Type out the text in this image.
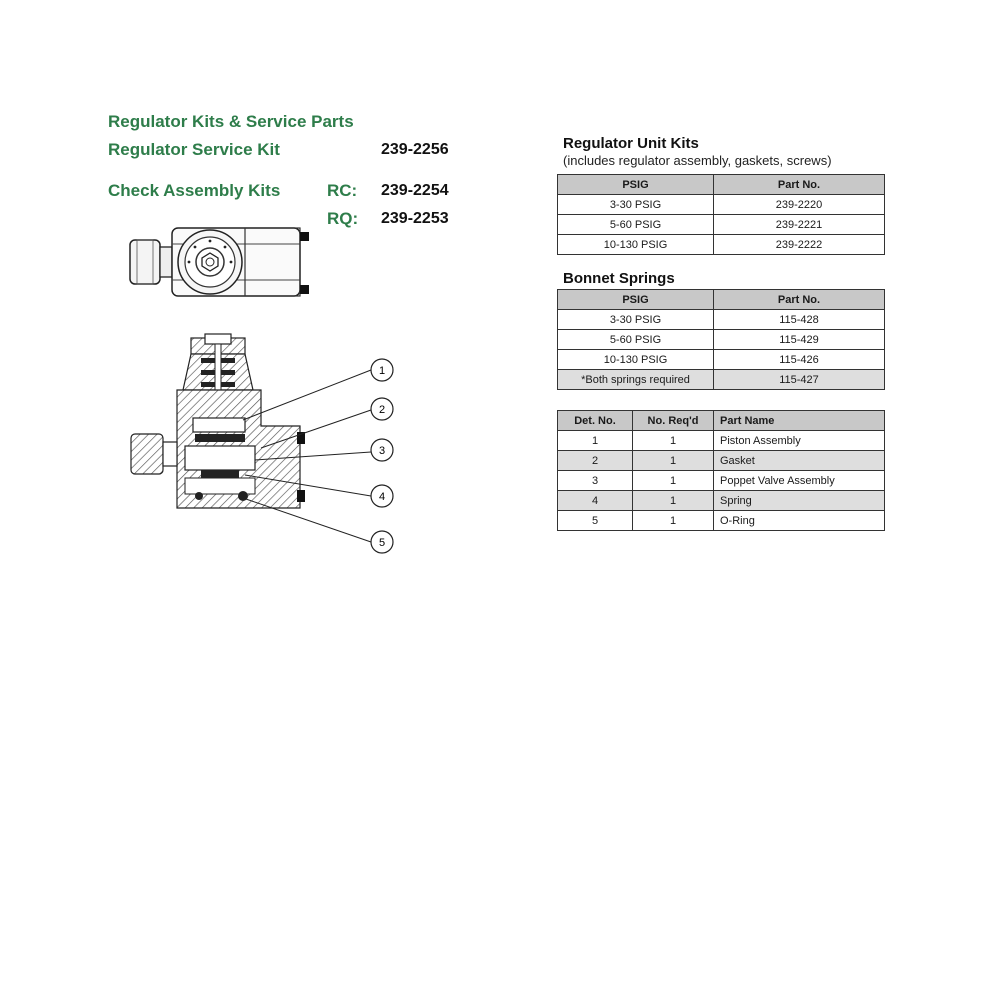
Regulator Kits & Service Parts
Regulator Service Kit	239-2256
Check Assembly Kits	RC: 239-2254
RQ: 239-2253
1
2
3
4
5
Regulator Unit Kits
(includes regulator assembly, gaskets, screws)
PSIG	Part No.
3-30 PSIG	239-2220
5-60 PSIG	239-2221
10-130 PSIG	239-2222
Bonnet Springs
PSIG	Part No.
3-30 PSIG	115-428
5-60 PSIG	115-429
10-130 PSIG	115-426
*Both springs required	115-427
Det. No.	No. Req'd	Part Name
1	1	Piston Assembly
2	1	Gasket
3	1	Poppet Valve Assembly
4	1	Spring
5	1	O-Ring
